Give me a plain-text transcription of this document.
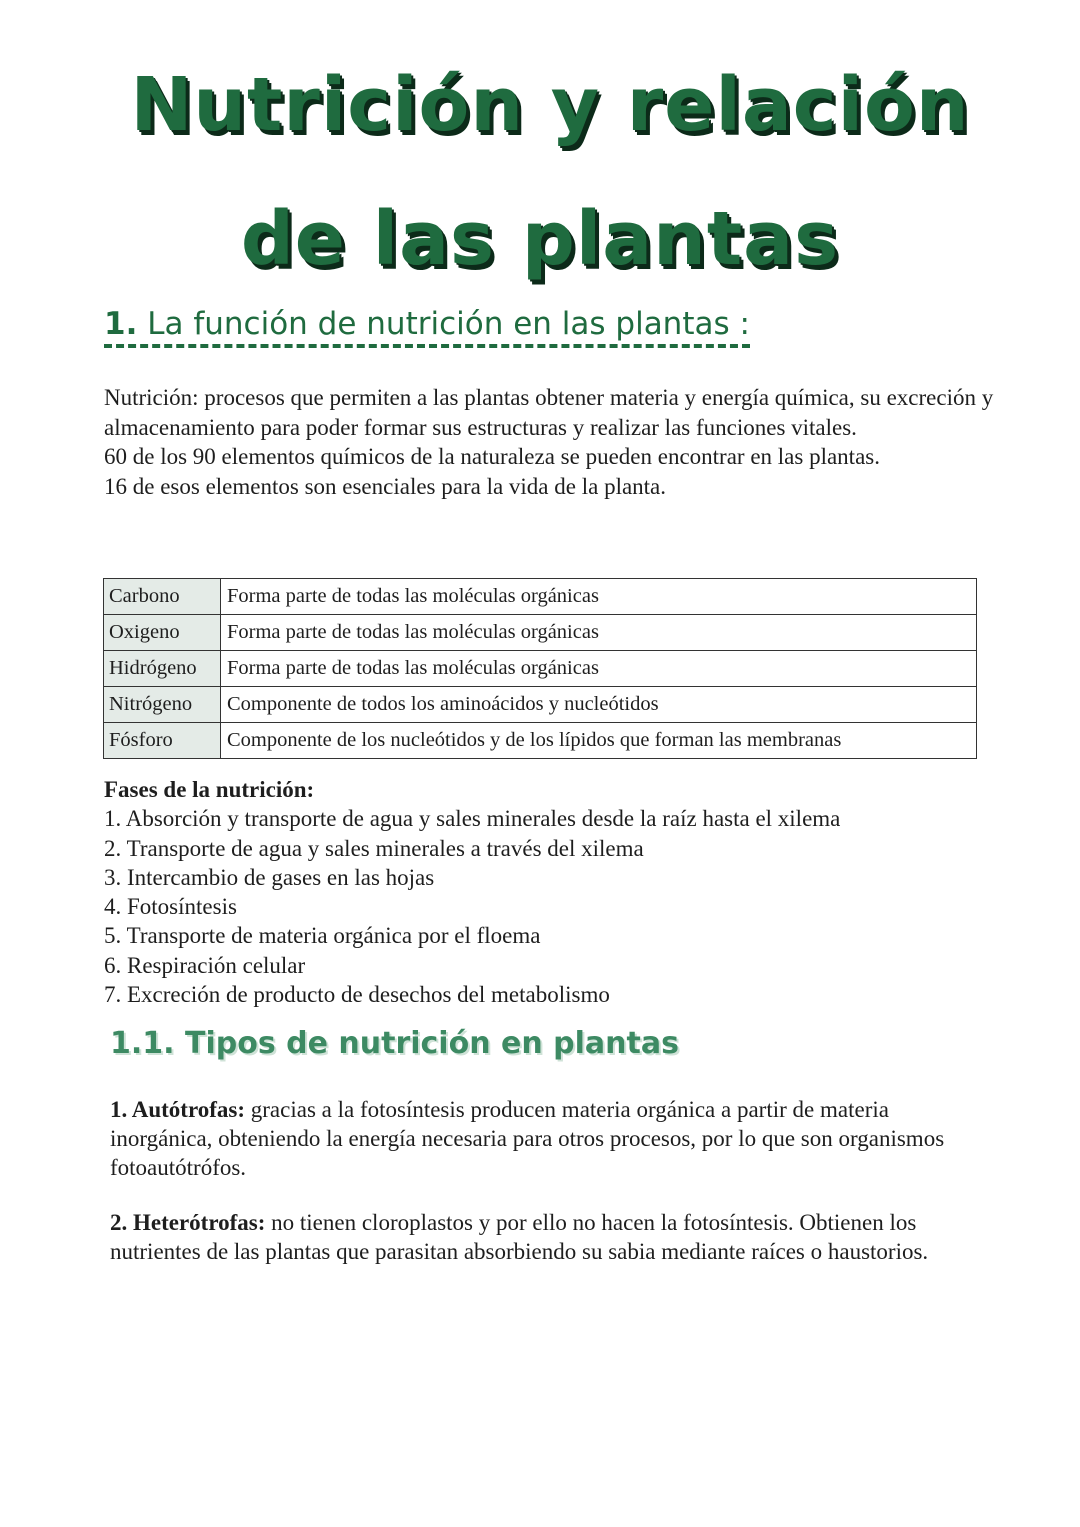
Nutrición y relación
de las plantas
1. La función de nutrición en las plantas :

Nutrición: procesos que permiten a las plantas obtener materia y energía química, su excreción y almacenamiento para poder formar sus estructuras y realizar las funciones vitales.

60 de los 90 elementos químicos de la naturaleza se pueden encontrar en las plantas.

16 de esos elementos son esenciales para la vida de la planta.

Carbono	Forma parte de todas las moléculas orgánicas
Oxigeno	Forma parte de todas las moléculas orgánicas
Hidrógeno	Forma parte de todas las moléculas orgánicas
Nitrógeno	Componente de todos los aminoácidos y nucleótidos
Fósforo	Componente de los nucleótidos y de los lípidos que forman las membranas
Fases de la nutrición:
1. Absorción y transporte de agua y sales minerales desde la raíz hasta el xilema
2. Transporte de agua y sales minerales a través del xilema
3. Intercambio de gases en las hojas
4. Fotosíntesis
5. Transporte de materia orgánica por el floema
6. Respiración celular
7. Excreción de producto de desechos del metabolismo
1.1. Tipos de nutrición en plantas
1. Autótrofas: gracias a la fotosíntesis producen materia orgánica a partir de materia inorgánica, obteniendo la energía necesaria para otros procesos, por lo que son organismos fotoautótrófos.
2. Heterótrofas: no tienen cloroplastos y por ello no hacen la fotosíntesis. Obtienen los nutrientes de las plantas que parasitan absorbiendo su sabia mediante raíces o haustorios.
